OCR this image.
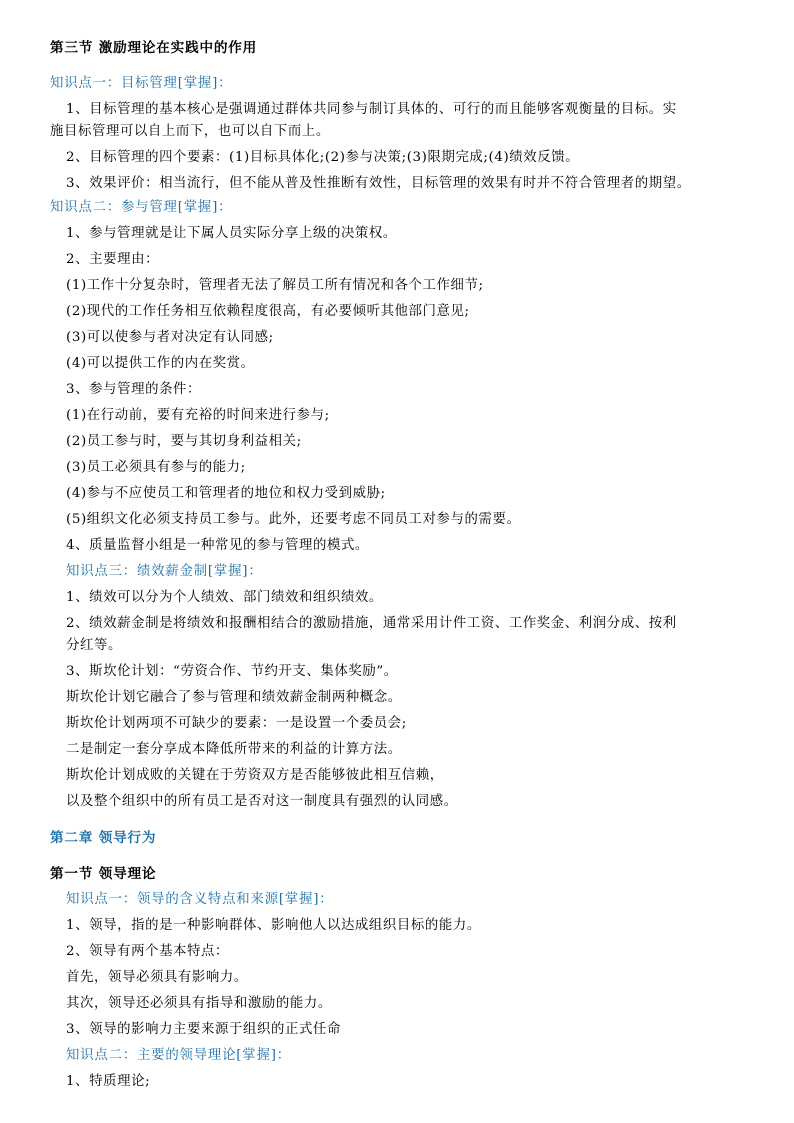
第三节 激励理论在实践中的作用
知识点一：目标管理[掌握]：
1、目标管理的基本核心是强调通过群体共同参与制订具体的、可行的而且能够客观衡量的目标。实
施目标管理可以自上而下，也可以自下而上。
2、目标管理的四个要素：(1)目标具体化;(2)参与决策;(3)限期完成;(4)绩效反馈。
3、效果评价：相当流行，但不能从普及性推断有效性，目标管理的效果有时并不符合管理者的期望。
知识点二：参与管理[掌握]：
1、参与管理就是让下属人员实际分享上级的决策权。
2、主要理由：
(1)工作十分复杂时，管理者无法了解员工所有情况和各个工作细节;
(2)现代的工作任务相互依赖程度很高，有必要倾听其他部门意见;
(3)可以使参与者对决定有认同感;
(4)可以提供工作的内在奖赏。
3、参与管理的条件：
(1)在行动前，要有充裕的时间来进行参与;
(2)员工参与时，要与其切身利益相关;
(3)员工必须具有参与的能力;
(4)参与不应使员工和管理者的地位和权力受到威胁;
(5)组织文化必须支持员工参与。此外，还要考虑不同员工对参与的需要。
4、质量监督小组是一种常见的参与管理的模式。
知识点三：绩效薪金制[掌握]：
1、绩效可以分为个人绩效、部门绩效和组织绩效。
2、绩效薪金制是将绩效和报酬相结合的激励措施，通常采用计件工资、工作奖金、利润分成、按利
分红等。
3、斯坎伦计划：“劳资合作、节约开支、集体奖励”。
斯坎伦计划它融合了参与管理和绩效薪金制两种概念。
斯坎伦计划两项不可缺少的要素：一是设置一个委员会;
二是制定一套分享成本降低所带来的利益的计算方法。
斯坎伦计划成败的关键在于劳资双方是否能够彼此相互信赖，
以及整个组织中的所有员工是否对这一制度具有强烈的认同感。
第二章 领导行为
第一节 领导理论
知识点一：领导的含义特点和来源[掌握]：
1、领导，指的是一种影响群体、影响他人以达成组织目标的能力。
2、领导有两个基本特点：
首先，领导必须具有影响力。
其次，领导还必须具有指导和激励的能力。
3、领导的影响力主要来源于组织的正式任命
知识点二：主要的领导理论[掌握]：
1、特质理论;
